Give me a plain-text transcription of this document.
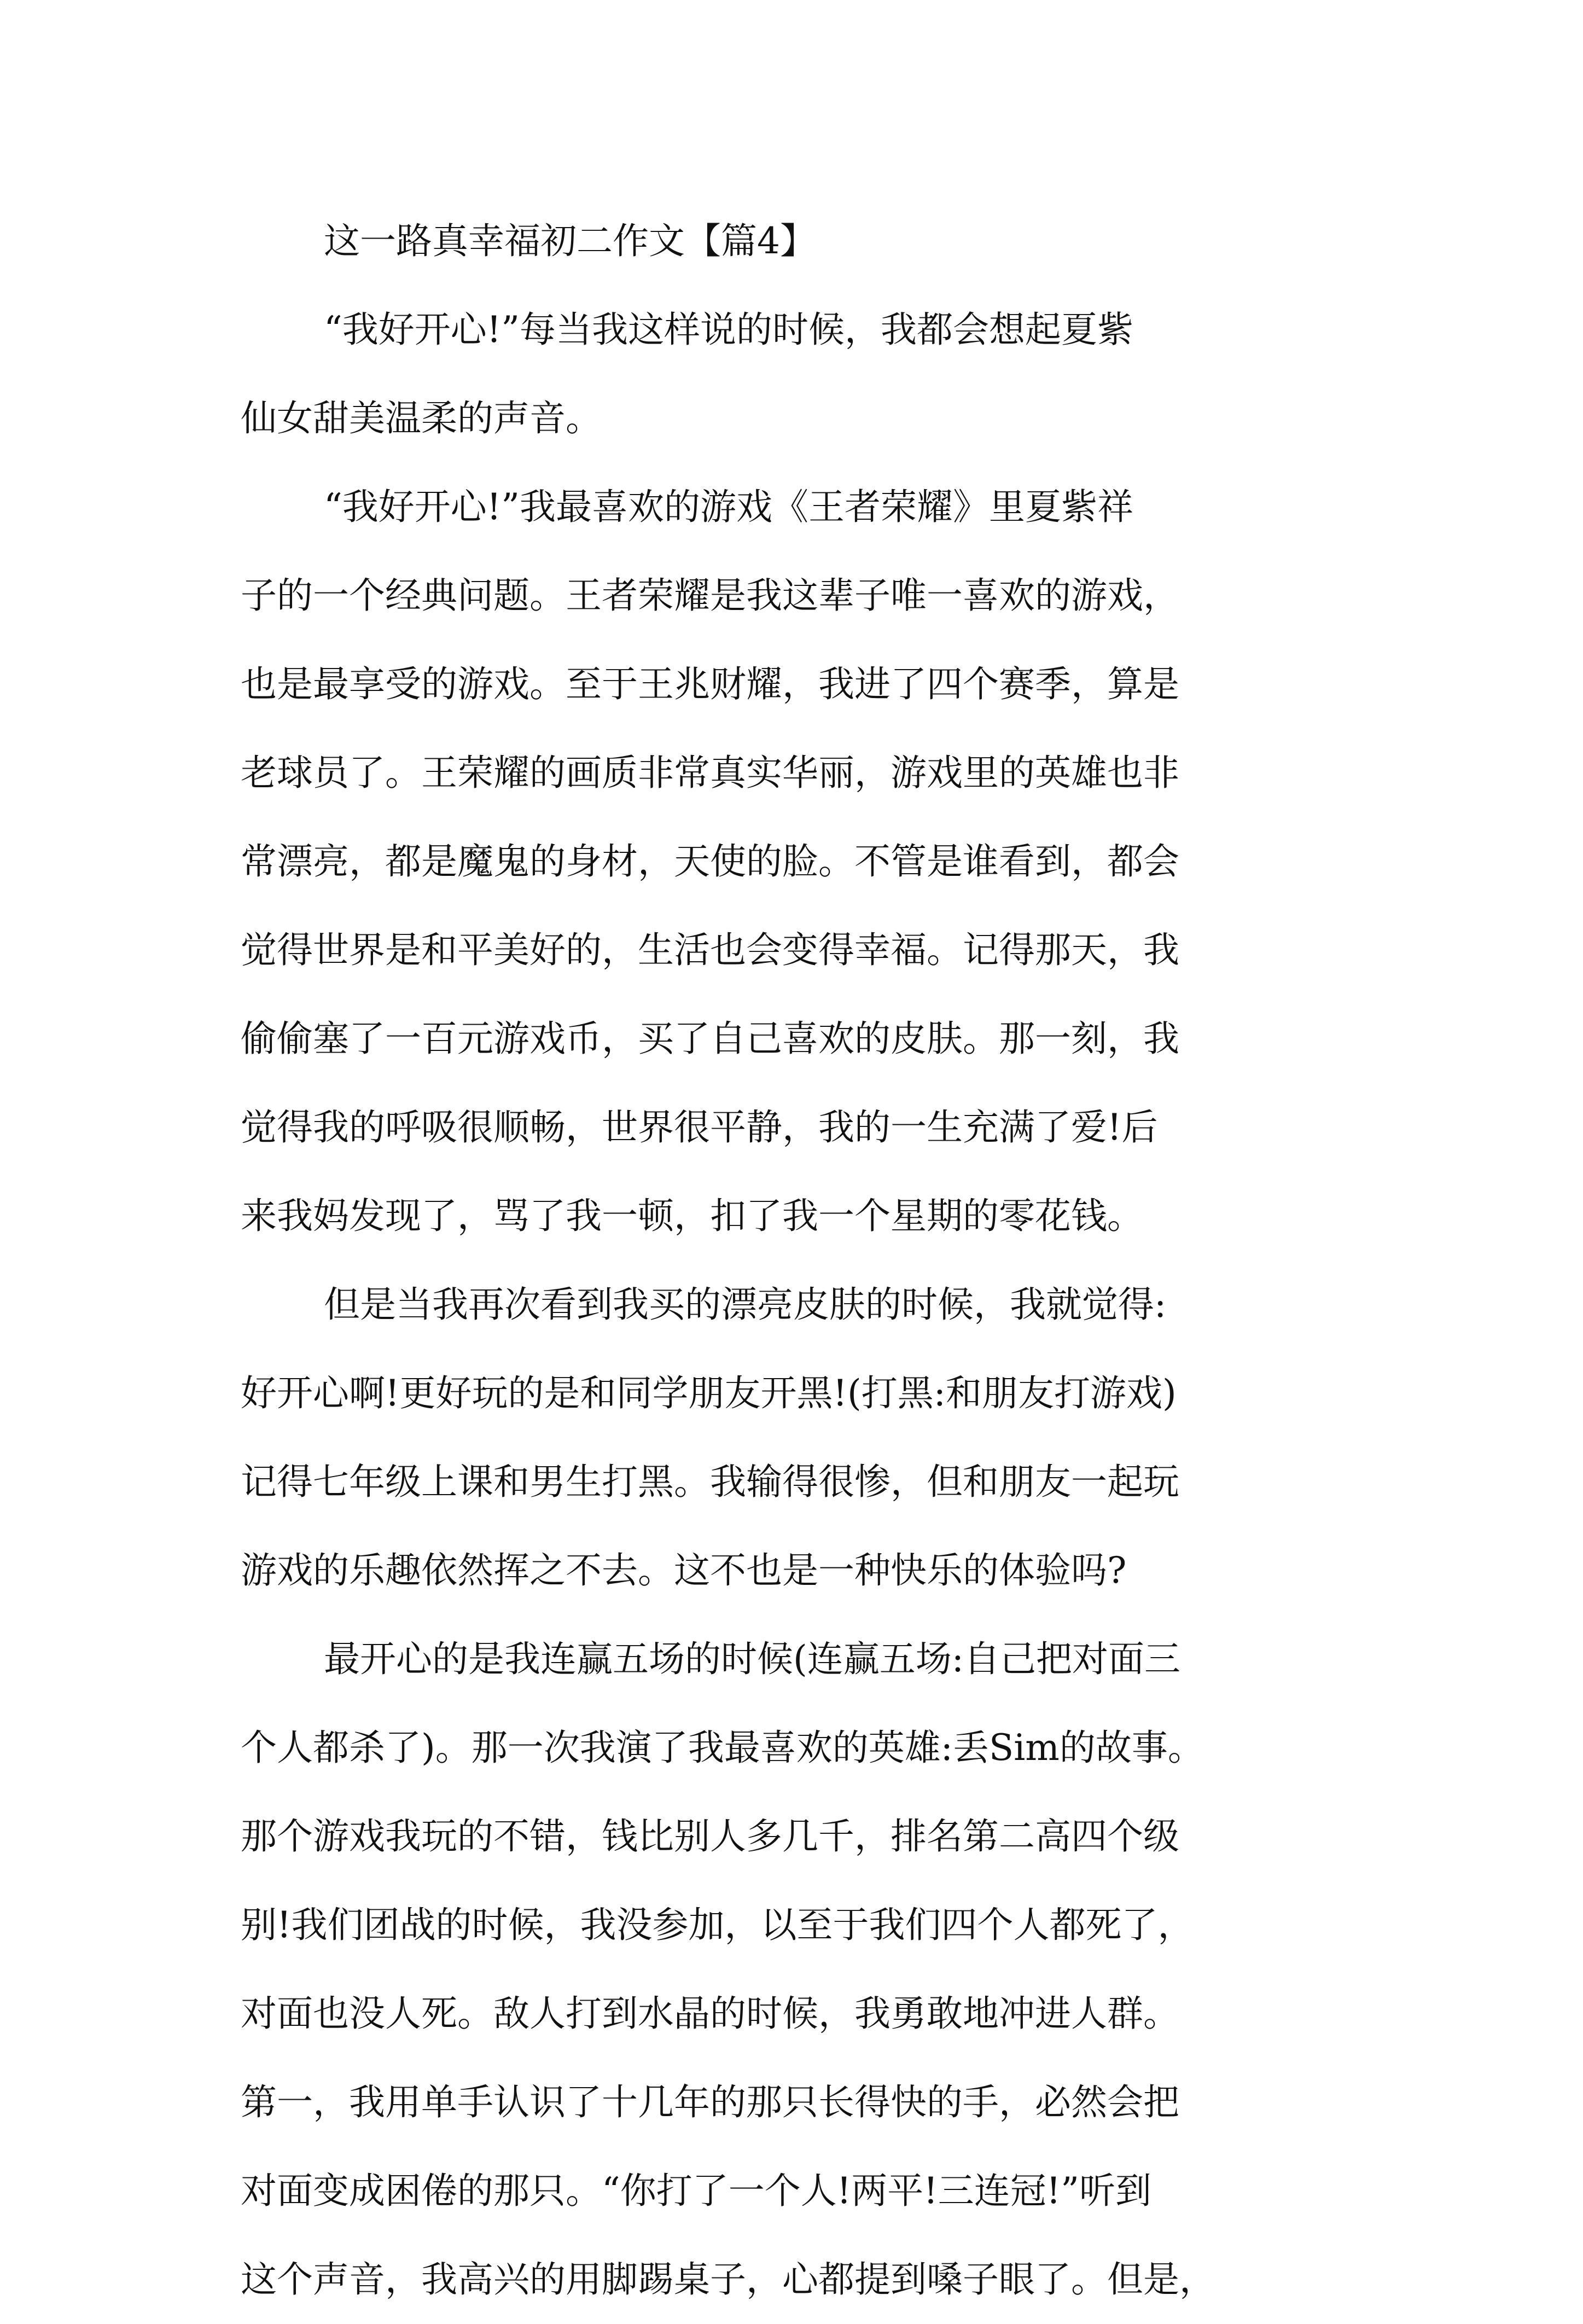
这一路真幸福初二作文【篇4】
“我好开心!”每当我这样说的时候，我都会想起夏紫
仙女甜美温柔的声音。
“我好开心!”我最喜欢的游戏《王者荣耀》里夏紫祥
子的一个经典问题。王者荣耀是我这辈子唯一喜欢的游戏，
也是最享受的游戏。至于王兆财耀，我进了四个赛季，算是
老球员了。王荣耀的画质非常真实华丽，游戏里的英雄也非
常漂亮，都是魔鬼的身材，天使的脸。不管是谁看到，都会
觉得世界是和平美好的，生活也会变得幸福。记得那天，我
偷偷塞了一百元游戏币，买了自己喜欢的皮肤。那一刻，我
觉得我的呼吸很顺畅，世界很平静，我的一生充满了爱!后
来我妈发现了，骂了我一顿，扣了我一个星期的零花钱。
但是当我再次看到我买的漂亮皮肤的时候，我就觉得:
好开心啊!更好玩的是和同学朋友开黑!(打黑:和朋友打游戏)
记得七年级上课和男生打黑。我输得很惨，但和朋友一起玩
游戏的乐趣依然挥之不去。这不也是一种快乐的体验吗?
最开心的是我连赢五场的时候(连赢五场:自己把对面三
个人都杀了)。那一次我演了我最喜欢的英雄:丢Sim的故事。
那个游戏我玩的不错，钱比别人多几千，排名第二高四个级
别!我们团战的时候，我没参加，以至于我们四个人都死了，
对面也没人死。敌人打到水晶的时候，我勇敢地冲进人群。
第一，我用单手认识了十几年的那只长得快的手，必然会把
对面变成困倦的那只。“你打了一个人!两平!三连冠!”听到
这个声音，我高兴的用脚踢桌子，心都提到嗓子眼了。但是，
